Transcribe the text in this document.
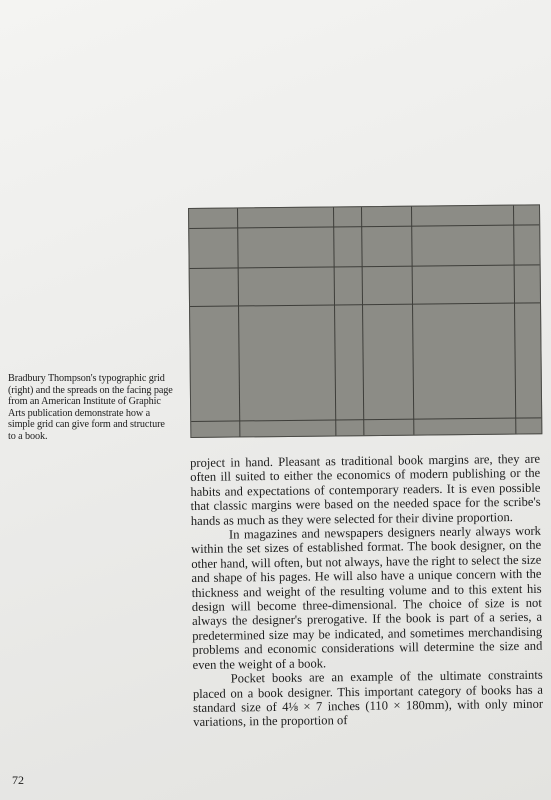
Bradbury Thompson's typographic grid (right) and the spreads on the facing page from an American Institute of Graphic Arts publication demonstrate how a simple grid can give form and structure to a book.

project in hand. Pleasant as traditional book margins are, they are often ill suited to either the economics of modern publishing or the habits and expectations of contemporary readers. It is even possible that classic margins were based on the needed space for the scribe's hands as much as they were selected for their divine proportion.

In magazines and newspapers designers nearly always work within the set sizes of established format. The book designer, on the other hand, will often, but not always, have the right to select the size and shape of his pages. He will also have a unique concern with the thickness and weight of the resulting volume and to this extent his design will become three-dimensional. The choice of size is not always the designer's prerogative. If the book is part of a series, a predetermined size may be indicated, and sometimes merchandising problems and economic considerations will determine the size and even the weight of a book.

Pocket books are an example of the ultimate constraints placed on a book designer. This important category of books has a standard size of 4⅛ × 7 inches (110 × 180mm), with only minor variations, in the proportion of

72
